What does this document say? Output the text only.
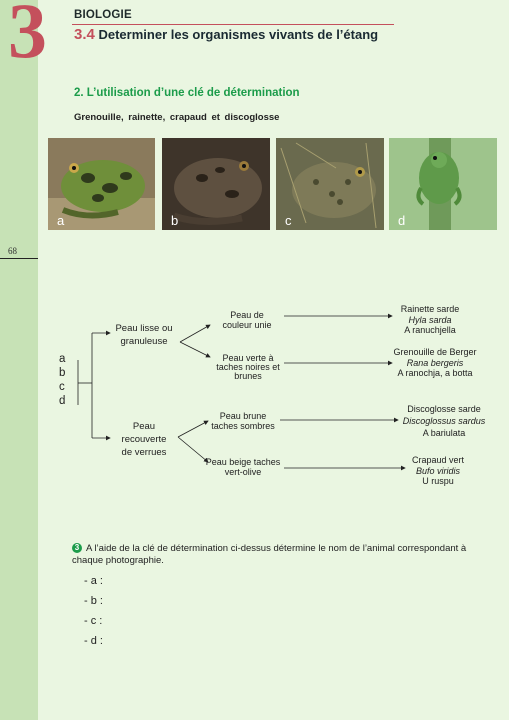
3 BIOLOGIE
3.4 Determiner les organismes vivants de l’étang
68
2. L’utilisation d’une clé de détermination
Grenouille, rainette, crapaud et discoglosse
a	b	c	d
a
b
c
d
Peau lisse ou
granuleuse
Peau
recouverte
de verrues
Peau de
couleur unie
Peau verte à
taches noires et
brunes
Peau brune
taches sombres
Peau beige taches
vert-olive
Rainette sarde
Hyla sarda
A ranuchjella
Grenouille de Berger
Rana bergeris
A ranochja, a botta
Discoglosse sarde
Discoglossus sardus
A bariulata
Crapaud vert
Bufo viridis
U ruspu
3 A l’aide de la clé de détermination ci-dessus détermine le nom de l’animal correspondant à chaque photographie.
- a :
- b :
- c :
- d :
